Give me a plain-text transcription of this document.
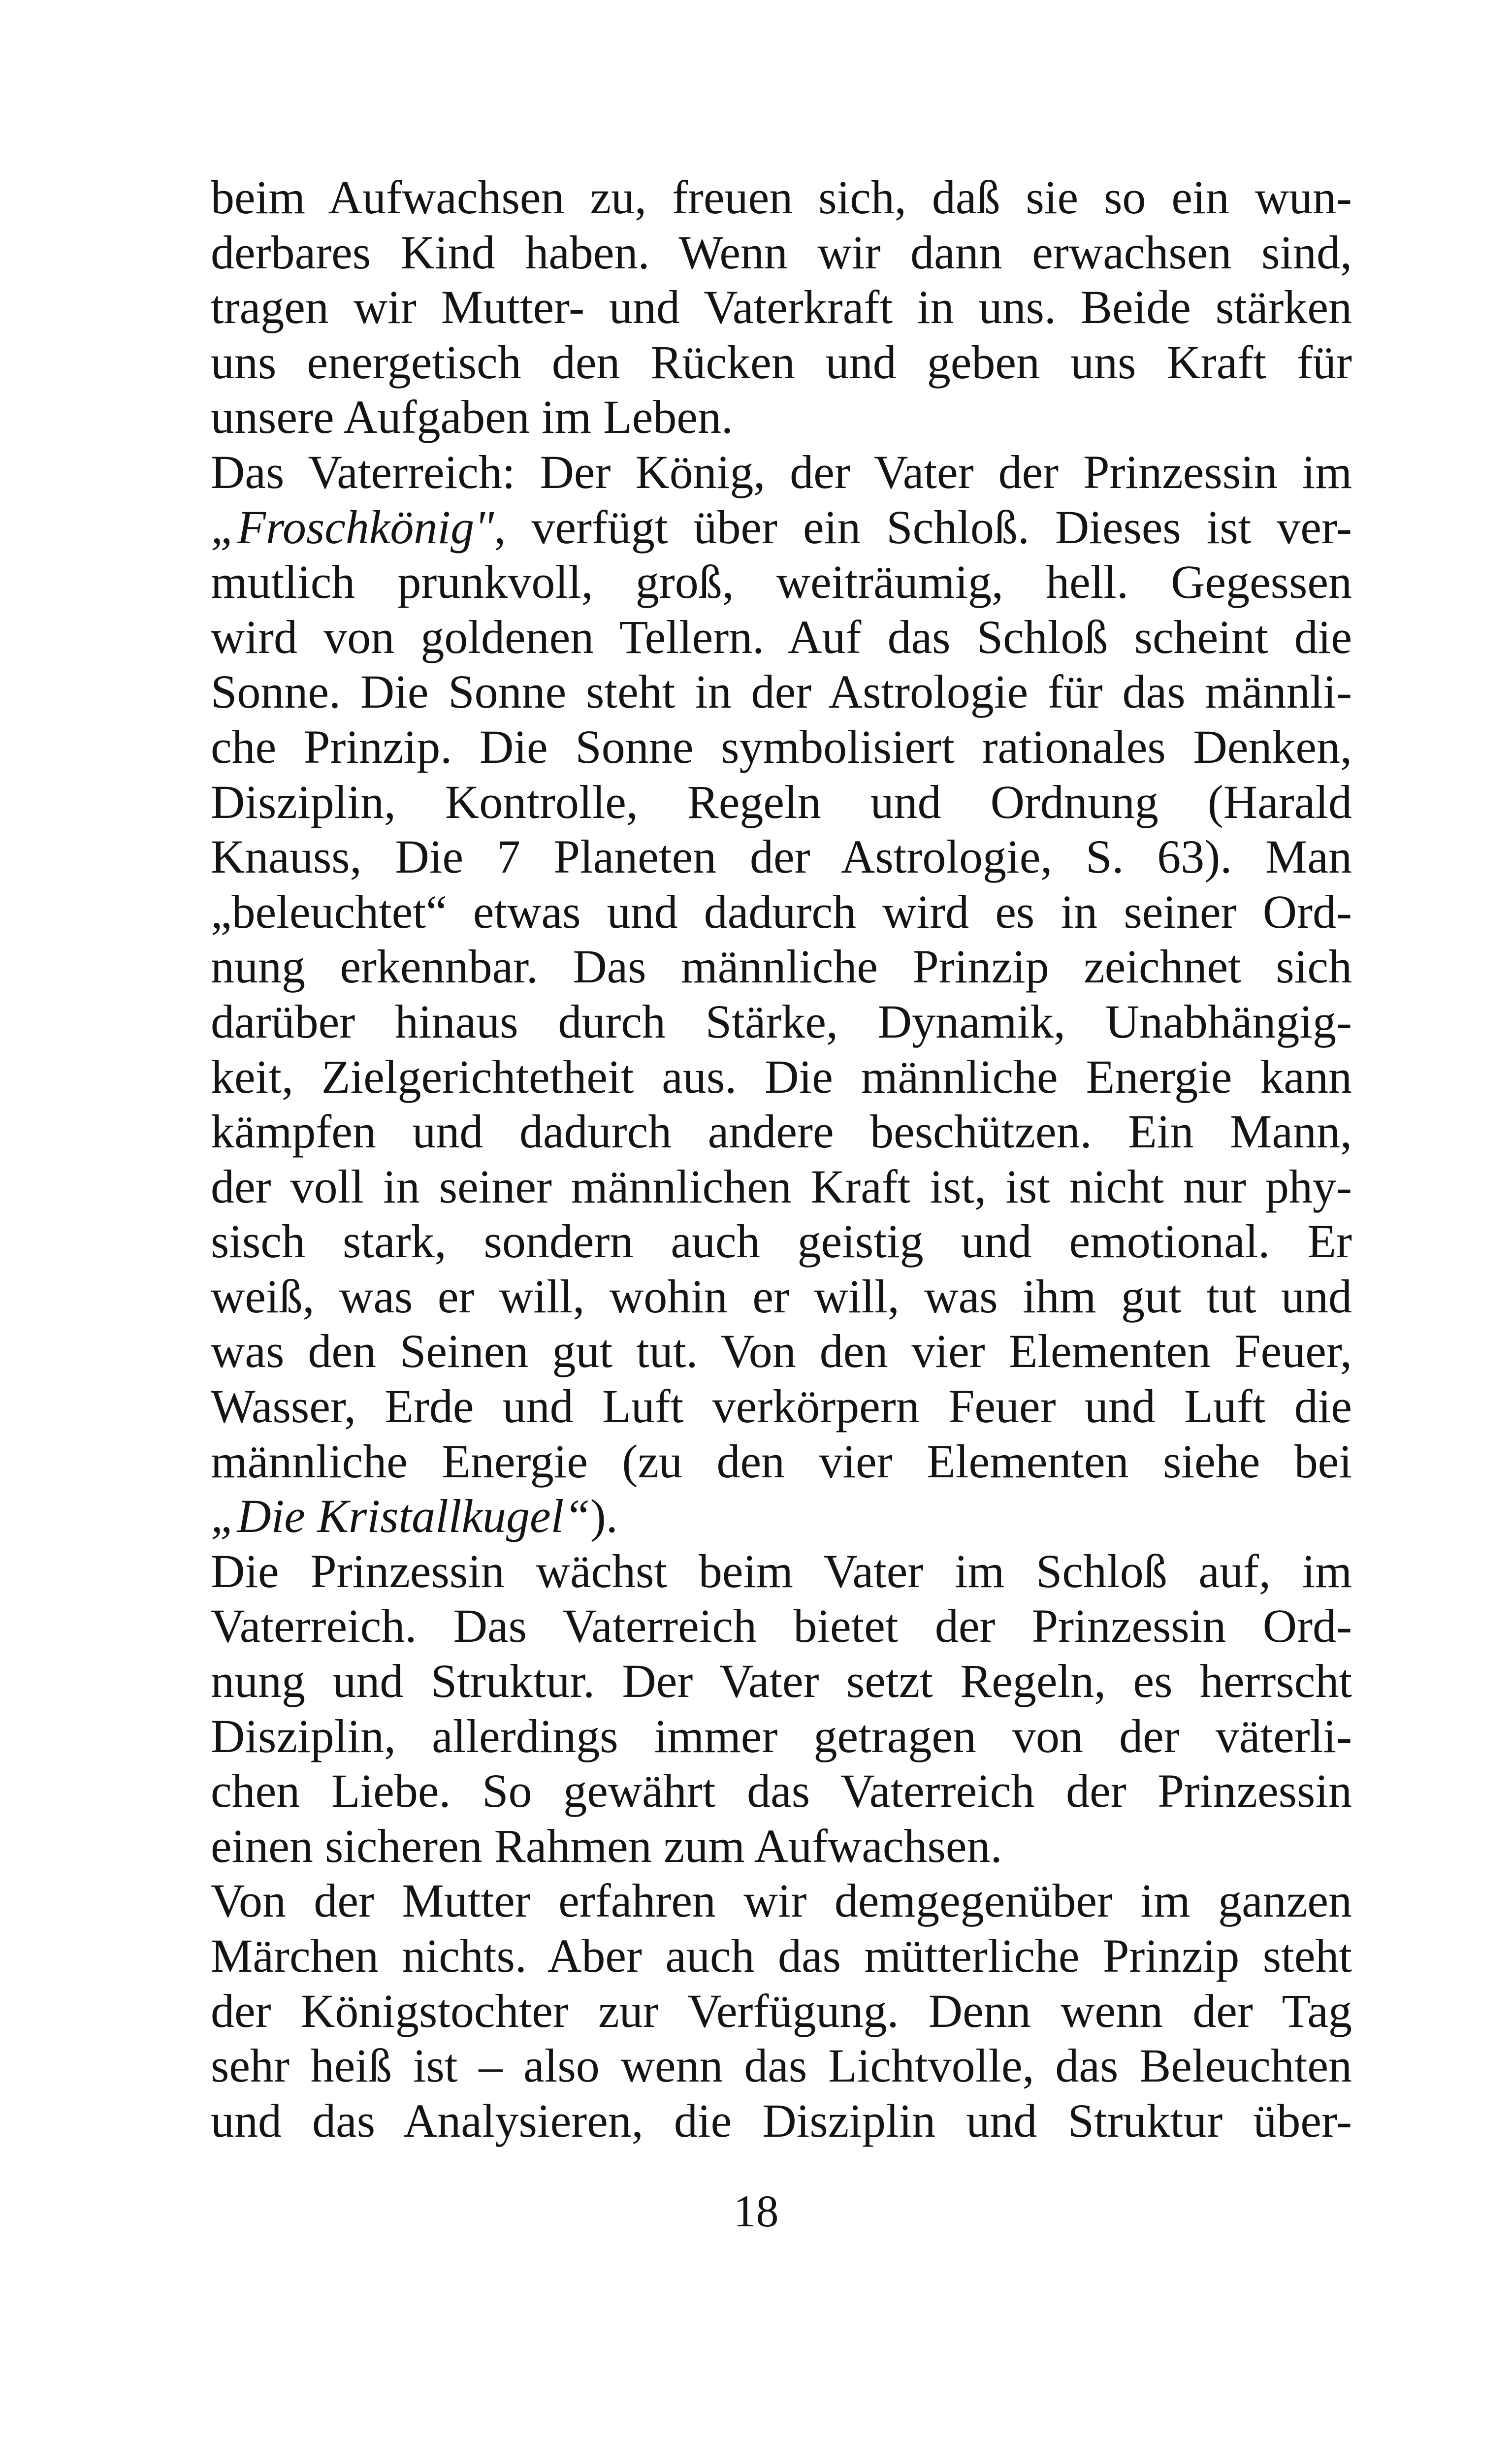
beim Aufwachsen zu, freuen sich, daß sie so ein wun-
derbares Kind haben. Wenn wir dann erwachsen sind,
tragen wir Mutter- und Vaterkraft in uns. Beide stärken
uns energetisch den Rücken und geben uns Kraft für
unsere Aufgaben im Leben.
Das Vaterreich: Der König, der Vater der Prinzessin im
„Froschkönig", verfügt über ein Schloß. Dieses ist ver-
mutlich prunkvoll, groß, weiträumig, hell. Gegessen
wird von goldenen Tellern. Auf das Schloß scheint die
Sonne. Die Sonne steht in der Astrologie für das männli-
che Prinzip. Die Sonne symbolisiert rationales Denken,
Disziplin, Kontrolle, Regeln und Ordnung (Harald
Knauss, Die 7 Planeten der Astrologie, S. 63). Man
„beleuchtet“ etwas und dadurch wird es in seiner Ord-
nung erkennbar. Das männliche Prinzip zeichnet sich
darüber hinaus durch Stärke, Dynamik, Unabhängig-
keit, Zielgerichtetheit aus. Die männliche Energie kann
kämpfen und dadurch andere beschützen. Ein Mann,
der voll in seiner männlichen Kraft ist, ist nicht nur phy-
sisch stark, sondern auch geistig und emotional. Er
weiß, was er will, wohin er will, was ihm gut tut und
was den Seinen gut tut. Von den vier Elementen Feuer,
Wasser, Erde und Luft verkörpern Feuer und Luft die
männliche Energie (zu den vier Elementen siehe bei
„Die Kristallkugel“).
Die Prinzessin wächst beim Vater im Schloß auf, im
Vaterreich. Das Vaterreich bietet der Prinzessin Ord-
nung und Struktur. Der Vater setzt Regeln, es herrscht
Disziplin, allerdings immer getragen von der väterli-
chen Liebe. So gewährt das Vaterreich der Prinzessin
einen sicheren Rahmen zum Aufwachsen.
Von der Mutter erfahren wir demgegenüber im ganzen
Märchen nichts. Aber auch das mütterliche Prinzip steht
der Königstochter zur Verfügung. Denn wenn der Tag
sehr heiß ist – also wenn das Lichtvolle, das Beleuchten
und das Analysieren, die Disziplin und Struktur über-
18
